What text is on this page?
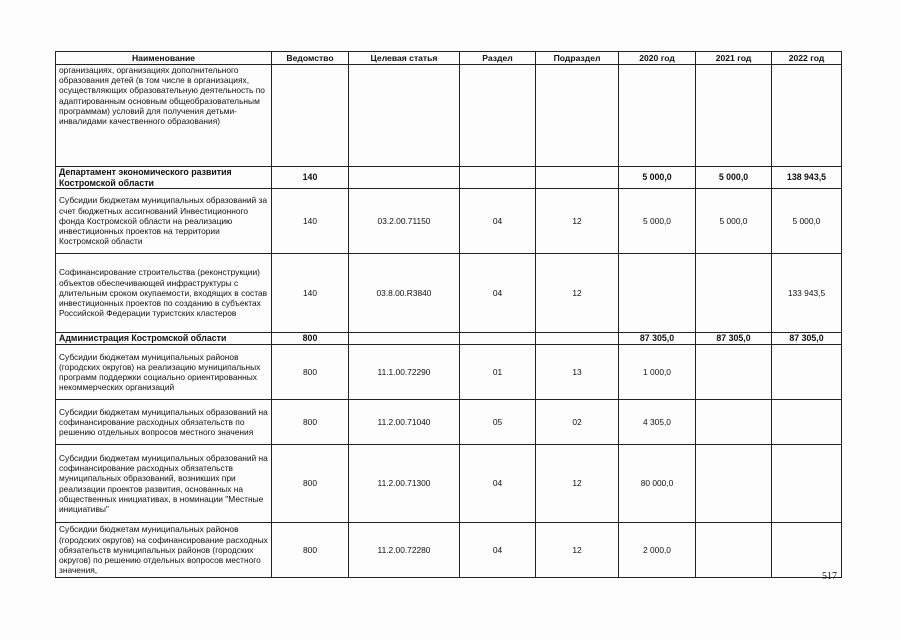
Наименование	Ведомство	Целевая статья	Раздел	Подраздел	2020 год	2021 год	2022 год
организациях, организациях дополнительного образования детей (в том числе в организациях, осуществляющих образовательную деятельность по адаптированным основным общеобразовательным программам) условий для получения детьми-инвалидами качественного образования)							
Департамент экономического развития Костромской области	140				5 000,0	5 000,0	138 943,5
Субсидии бюджетам муниципальных образований за счет бюджетных ассигнований Инвестиционного фонда Костромской области на реализацию инвестиционных проектов на территории Костромской области	140	03.2.00.71150	04	12	5 000,0	5 000,0	5 000,0
Софинансирование строительства (реконструкции) объектов обеспечивающей инфраструктуры с длительным сроком окупаемости, входящих в состав инвестиционных проектов по созданию в субъектах Российской Федерации туристских кластеров	140	03.8.00.R3840	04	12			133 943,5
Администрация Костромской области	800				87 305,0	87 305,0	87 305,0
Субсидии бюджетам муниципальных районов (городских округов) на реализацию муниципальных программ поддержки социально ориентированных некоммерческих организаций	800	11.1.00.72290	01	13	1 000,0		
Субсидии бюджетам муниципальных образований на софинансирование расходных обязательств по решению отдельных вопросов местного значения	800	11.2.00.71040	05	02	4 305,0		
Субсидии бюджетам муниципальных образований на софинансирование расходных обязательств муниципальных образований, возникших при реализации проектов развития, основанных на общественных инициативах, в номинации "Местные инициативы"	800	11.2.00.71300	04	12	80 000,0		
Субсидии бюджетам муниципальных районов (городских округов) на софинансирование расходных обязательств муниципальных районов (городских округов) по решению отдельных вопросов местного значения,	800	11.2.00.72280	04	12	2 000,0		
517
